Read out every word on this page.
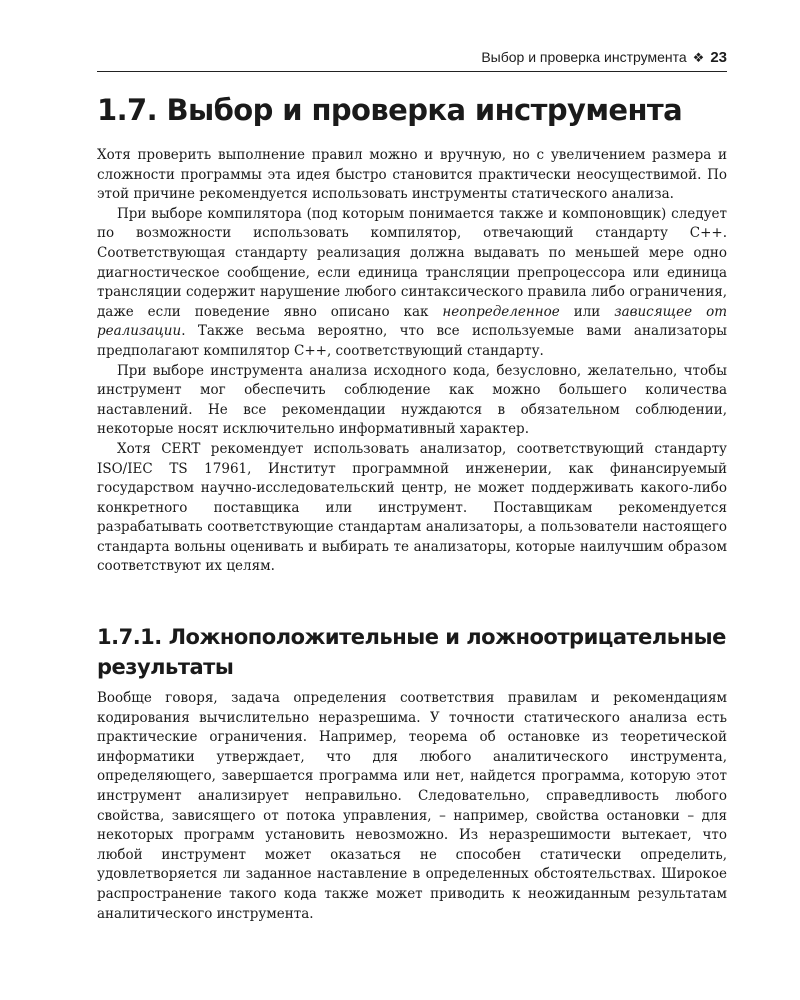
Выбор и проверка инструмента ❖ 23
1.7. Выбор и проверка инструмента

Хотя проверить выполнение правил можно и вручную, но с увеличением размера и сложности программы эта идея быстро становится практически неосуществимой. По этой причине рекомендуется использовать инструменты статического анализа.

При выборе компилятора (под которым понимается также и компоновщик) следует по возможности использовать компилятор, отвечающий стандарту C++. Соответствующая стандарту реализация должна выдавать по меньшей мере одно диагностическое сообщение, если единица трансляции препроцессора или единица трансляции содержит нарушение любого синтаксического правила либо ограничения, даже если поведение явно описано как неопределенное или зависящее от реализации. Также весьма вероятно, что все используемые вами анализаторы предполагают компилятор C++, соответствующий стандарту.

При выборе инструмента анализа исходного кода, безусловно, желательно, чтобы инструмент мог обеспечить соблюдение как можно большего количества наставлений. Не все рекомендации нуждаются в обязательном соблюдении, некоторые носят исключительно информативный характер.

Хотя CERT рекомендует использовать анализатор, соответствующий стандарту ISO/IEC TS 17961, Институт программной инженерии, как финансируемый государством научно-исследовательский центр, не может поддерживать какого-либо конкретного поставщика или инструмент. Поставщикам рекомендуется разрабатывать соответствующие стандартам анализаторы, а пользователи настоящего стандарта вольны оценивать и выбирать те анализаторы, которые наилучшим образом соответствуют их целям.

1.7.1. Ложноположительные и ложноотрицательные результаты

Вообще говоря, задача определения соответствия правилам и рекомендациям кодирования вычислительно неразрешима. У точности статического анализа есть практические ограничения. Например, теорема об остановке из теоретической информатики утверждает, что для любого аналитического инструмента, определяющего, завершается программа или нет, найдется программа, которую этот инструмент анализирует неправильно. Следовательно, справедливость любого свойства, зависящего от потока управления, – например, свойства остановки – для некоторых программ установить невозможно. Из неразрешимости вытекает, что любой инструмент может оказаться не способен статически определить, удовлетворяется ли заданное наставление в определенных обстоятельствах. Широкое распространение такого кода также может приводить к неожиданным результатам аналитического инструмента.
